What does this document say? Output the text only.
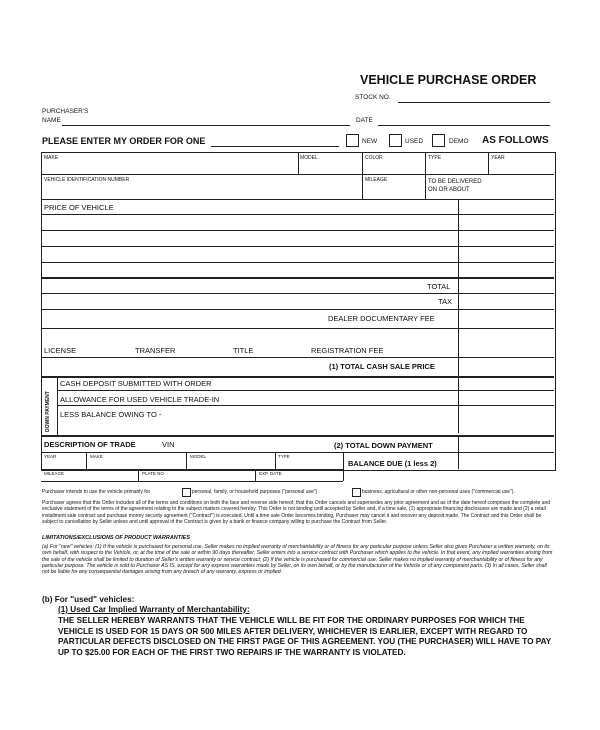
VEHICLE PURCHASE ORDER
STOCK NO.
PURCHASER'S
NAME	DATE
PLEASE ENTER MY ORDER FOR ONE	NEW	USED	DEMO AS FOLLOWS
MAKE	MODEL	COLOR	TYPE	YEAR
VEHICLE IDENTIFICATION NUMBER	MILEAGE	TO BE DELIVERED
ON OR ABOUT
PRICE OF VEHICLE
TOTAL
TAX
DEALER DOCUMENTARY FEE
LICENSE	TRANSFER	TITLE	REGISTRATION FEE
(1) TOTAL CASH SALE PRICE
DOWN PAYMENT
CASH DEPOSIT SUBMITTED WITH ORDER
ALLOWANCE FOR USED VEHICLE TRADE-IN
LESS BALANCE OWING TO -
DESCRIPTION OF TRADE	VIN	(2) TOTAL DOWN PAYMENT
YEAR	MAKE	MODEL	TYPE
BALANCE DUE (1 less 2)
MILEAGE	PLATE NO.	EXP. DATE
Purchaser intends to use the vehicle primarily for	personal, family, or household purposes ("personal use")	business, agricultural or other non-personal uses ("commercial use").
Purchaser agrees that this Order includes all of the terms and conditions on both the face and reverse side hereof, that this Order cancels and supersedes any prior agreement and as of the date hereof comprises the complete and exclusive statement of the terms of the agreement relating to the subject matters covered hereby. This Order is not binding until accepted by Seller and, if a time sale, (1) appropriate financing disclosures are made and (2) a retail installment sale contract and purchase money security agreement ("Contract") is executed. Until a time sale Order becomes binding, Purchaser may cancel it and recover any deposit made. The Contract and this Order shall be subject to cancellation by Seller unless and until approval of the Contract is given by a bank or finance company willing to purchase the Contract from Seller.
LIMITATIONS/EXCLUSIONS OF PRODUCT WARRANTIES
(a) For "new" vehicles: (1) If the vehicle is purchased for personal use, Seller makes no implied warranty of merchantability or of fitness for any particular purpose unless Seller also gives Purchaser a written warranty, on its own behalf, with respect to the Vehicle, or, at the time of the sale or within 90 days thereafter, Seller enters into a service contract with Purchaser which applies to the vehicle. In that event, any implied warranties arising from the sale of the vehicle shall be limited to duration of Seller's written warranty or service contract; (2) If the vehicle is purchased for commercial use, Seller makes no implied warranty of merchantability or of fitness for any particular purpose. The vehicle is sold to Purchaser AS IS, except for any express warranties made by Seller, on its own behalf, or by the manufacturer of the Vehicle or of any component parts. (3) In all cases, Seller shall not be liable for any consequential damages arising from any breach of any warranty, express or implied.
(b) For "used" vehicles:
(1) Used Car Implied Warranty of Merchantability:
THE SELLER HEREBY WARRANTS THAT THE VEHICLE WILL BE FIT FOR THE ORDINARY PURPOSES FOR WHICH THE VEHICLE IS USED FOR 15 DAYS OR 500 MILES AFTER DELIVERY, WHICHEVER IS EARLIER, EXCEPT WITH REGARD TO PARTICULAR DEFECTS DISCLOSED ON THE FIRST PAGE OF THIS AGREEMENT. YOU (THE PURCHASER) WILL HAVE TO PAY UP TO $25.00 FOR EACH OF THE FIRST TWO REPAIRS IF THE WARRANTY IS VIOLATED.
